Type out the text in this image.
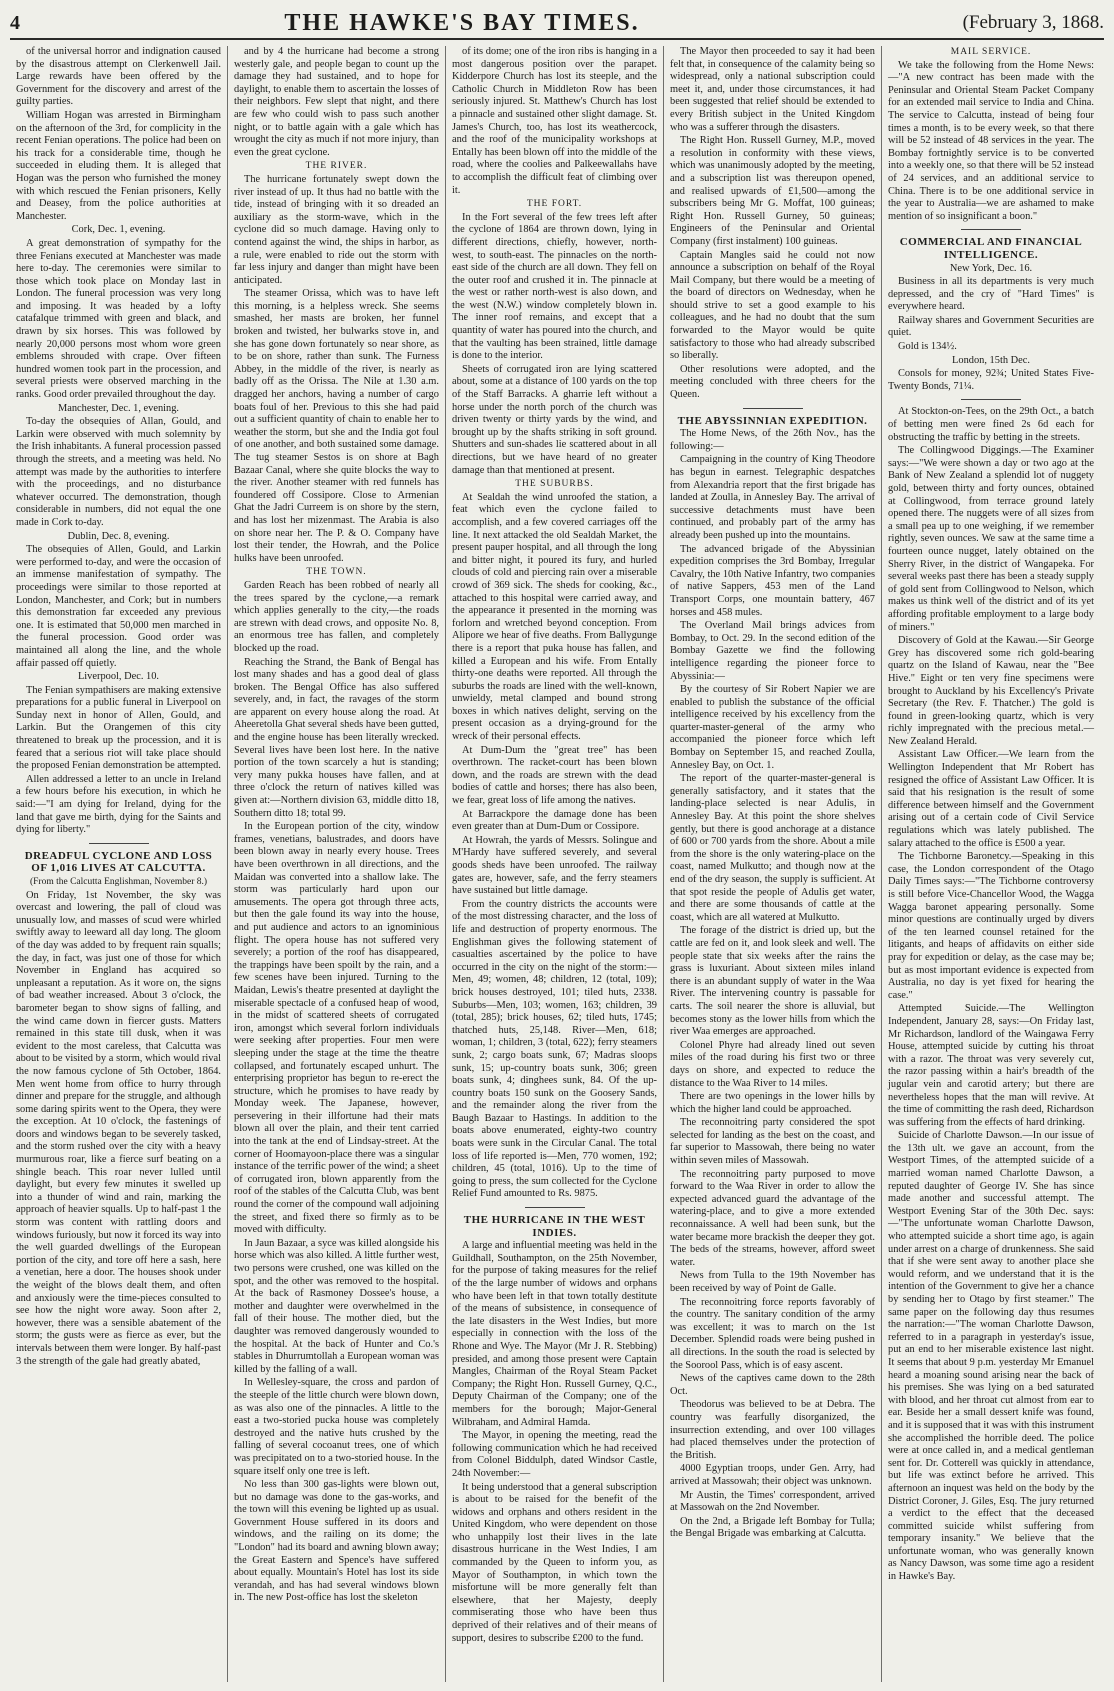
4	THE HAWKE'S BAY TIMES.	(February 3, 1868.

of the universal horror and indignation caused by the disastrous attempt on Clerkenwell Jail. Large rewards have been offered by the Government for the discovery and arrest of the guilty parties.

William Hogan was arrested in Birmingham on the afternoon of the 3rd, for complicity in the recent Fenian operations. The police had been on his track for a considerable time, though he succeeded in eluding them. It is alleged that Hogan was the person who furnished the money with which rescued the Fenian prisoners, Kelly and Deasey, from the police authorities at Manchester.

Cork, Dec. 1, evening.

A great demonstration of sympathy for the three Fenians executed at Manchester was made here to-day. The ceremonies were similar to those which took place on Monday last in London. The funeral procession was very long and imposing. It was headed by a lofty catafalque trimmed with green and black, and drawn by six horses. This was followed by nearly 20,000 persons most whom wore green emblems shrouded with crape. Over fifteen hundred women took part in the procession, and several priests were observed marching in the ranks. Good order prevailed throughout the day.

Manchester, Dec. 1, evening.

To-day the obsequies of Allan, Gould, and Larkin were observed with much solemnity by the Irish inhabitants. A funeral procession passed through the streets, and a meeting was held. No attempt was made by the authorities to interfere with the proceedings, and no disturbance whatever occurred. The demonstration, though considerable in numbers, did not equal the one made in Cork to-day.

Dublin, Dec. 8, evening.

The obsequies of Allen, Gould, and Larkin were performed to-day, and were the occasion of an immense manifestation of sympathy. The proceedings were similar to those reported at London, Manchester, and Cork; but in numbers this demonstration far exceeded any previous one. It is estimated that 50,000 men marched in the funeral procession. Good order was maintained all along the line, and the whole affair passed off quietly.

Liverpool, Dec. 10.

The Fenian sympathisers are making extensive preparations for a public funeral in Liverpool on Sunday next in honor of Allen, Gould, and Larkin. But the Orangemen of this city threatened to break up the procession, and it is feared that a serious riot will take place should the proposed Fenian demonstration be attempted.

Allen addressed a letter to an uncle in Ireland a few hours before his execution, in which he said:—"I am dying for Ireland, dying for the land that gave me birth, dying for the Saints and dying for liberty."

DREADFUL CYCLONE AND LOSS OF 1,016 LIVES AT CALCUTTA.

(From the Calcutta Englishman, November 8.)

On Friday, 1st November, the sky was overcast and lowering, the pall of cloud was unusually low, and masses of scud were whirled swiftly away to leeward all day long. The gloom of the day was added to by frequent rain squalls; the day, in fact, was just one of those for which November in England has acquired so unpleasant a reputation. As it wore on, the signs of bad weather increased. About 3 o'clock, the barometer began to show signs of falling, and the wind came down in fiercer gusts. Matters remained in this state till dusk, when it was evident to the most careless, that Calcutta was about to be visited by a storm, which would rival the now famous cyclone of 5th October, 1864. Men went home from office to hurry through dinner and prepare for the struggle, and although some daring spirits went to the Opera, they were the exception. At 10 o'clock, the fastenings of doors and windows began to be severely tasked, and the storm rushed over the city with a heavy murmurous roar, like a fierce surf beating on a shingle beach. This roar never lulled until daylight, but every few minutes it swelled up into a thunder of wind and rain, marking the approach of heavier squalls. Up to half-past 1 the storm was content with rattling doors and windows furiously, but now it forced its way into the well guarded dwellings of the European portion of the city, and tore off here a sash, here a venetian, here a door. The houses shook under the weight of the blows dealt them, and often and anxiously were the time-pieces consulted to see how the night wore away. Soon after 2, however, there was a sensible abatement of the storm; the gusts were as fierce as ever, but the intervals between them were longer. By half-past 3 the strength of the gale had greatly abated,

and by 4 the hurricane had become a strong westerly gale, and people began to count up the damage they had sustained, and to hope for daylight, to enable them to ascertain the losses of their neighbors. Few slept that night, and there are few who could wish to pass such another night, or to battle again with a gale which has wrought the city as much if not more injury, than even the great cyclone.

THE RIVER.

The hurricane fortunately swept down the river instead of up. It thus had no battle with the tide, instead of bringing with it so dreaded an auxiliary as the storm-wave, which in the cyclone did so much damage. Having only to contend against the wind, the ships in harbor, as a rule, were enabled to ride out the storm with far less injury and danger than might have been anticipated.

The steamer Orissa, which was to have left this morning, is a helpless wreck. She seems smashed, her masts are broken, her funnel broken and twisted, her bulwarks stove in, and she has gone down fortunately so near shore, as to be on shore, rather than sunk. The Furness Abbey, in the middle of the river, is nearly as badly off as the Orissa. The Nile at 1.30 a.m. dragged her anchors, having a number of cargo boats foul of her. Previous to this she had paid out a sufficient quantity of chain to enable her to weather the storm, but she and the India got foul of one another, and both sustained some damage. The tug steamer Sestos is on shore at Bagh Bazaar Canal, where she quite blocks the way to the river. Another steamer with red funnels has foundered off Cossipore. Close to Armenian Ghat the Jadri Curreem is on shore by the stern, and has lost her mizenmast. The Arabia is also on shore near her. The P. & O. Company have lost their tender, the Howrah, and the Police hulks have been unroofed.

THE TOWN.

Garden Reach has been robbed of nearly all the trees spared by the cyclone,—a remark which applies generally to the city,—the roads are strewn with dead crows, and opposite No. 8, an enormous tree has fallen, and completely blocked up the road.

Reaching the Strand, the Bank of Bengal has lost many shades and has a good deal of glass broken. The Bengal Office has also suffered severely, and, in fact, the ravages of the storm are apparent on every house along the road. At Aheeretolla Ghat several sheds have been gutted, and the engine house has been literally wrecked. Several lives have been lost here. In the native portion of the town scarcely a hut is standing; very many pukka houses have fallen, and at three o'clock the return of natives killed was given at:—Northern division 63, middle ditto 18, Southern ditto 18; total 99.

In the European portion of the city, window frames, venetians, balustrades, and doors have been blown away in nearly every house. Trees have been overthrown in all directions, and the Maidan was converted into a shallow lake. The storm was particularly hard upon our amusements. The opera got through three acts, but then the gale found its way into the house, and put audience and actors to an ignominious flight. The opera house has not suffered very severely; a portion of the roof has disappeared, the trappings have been spoilt by the rain, and a few scenes have been injured. Turning to the Maidan, Lewis's theatre presented at daylight the miserable spectacle of a confused heap of wood, in the midst of scattered sheets of corrugated iron, amongst which several forlorn individuals were seeking after properties. Four men were sleeping under the stage at the time the theatre collapsed, and fortunately escaped unhurt. The enterprising proprietor has begun to re-erect the structure, which he promises to have ready by Monday week. The Japanese, however, persevering in their illfortune had their mats blown all over the plain, and their tent carried into the tank at the end of Lindsay-street. At the corner of Hoomayoon-place there was a singular instance of the terrific power of the wind; a sheet of corrugated iron, blown apparently from the roof of the stables of the Calcutta Club, was bent round the corner of the compound wall adjoining the street, and fixed there so firmly as to be moved with difficulty.

In Jaun Bazaar, a syce was killed alongside his horse which was also killed. A little further west, two persons were crushed, one was killed on the spot, and the other was removed to the hospital. At the back of Rasmoney Dossee's house, a mother and daughter were overwhelmed in the fall of their house. The mother died, but the daughter was removed dangerously wounded to the hospital. At the back of Hunter and Co.'s stables in Dhurrumtollah a European woman was killed by the falling of a wall.

In Wellesley-square, the cross and pardon of the steeple of the little church were blown down, as was also one of the pinnacles. A little to the east a two-storied pucka house was completely destroyed and the native huts crushed by the falling of several cocoanut trees, one of which was precipitated on to a two-storied house. In the square itself only one tree is left.

No less than 300 gas-lights were blown out, but no damage was done to the gas-works, and the town will this evening be lighted up as usual. Government House suffered in its doors and windows, and the railing on its dome; the "London" had its board and awning blown away; the Great Eastern and Spence's have suffered about equally. Mountain's Hotel has lost its side verandah, and has had several windows blown in. The new Post-office has lost the skeleton

of its dome; one of the iron ribs is hanging in a most dangerous position over the parapet. Kidderpore Church has lost its steeple, and the Catholic Church in Middleton Row has been seriously injured. St. Matthew's Church has lost a pinnacle and sustained other slight damage. St. James's Church, too, has lost its weathercock, and the roof of the municipality workshops at Entally has been blown off into the middle of the road, where the coolies and Palkeewallahs have to accomplish the difficult feat of climbing over it.

THE FORT.

In the Fort several of the few trees left after the cyclone of 1864 are thrown down, lying in different directions, chiefly, however, north-west, to south-east. The pinnacles on the north-east side of the church are all down. They fell on the outer roof and crushed it in. The pinnacle at the west or rather north-west is also down, and the west (N.W.) window completely blown in. The inner roof remains, and except that a quantity of water has poured into the church, and that the vaulting has been strained, little damage is done to the interior.

Sheets of corrugated iron are lying scattered about, some at a distance of 100 yards on the top of the Staff Barracks. A gharrie left without a horse under the north porch of the church was driven twenty or thirty yards by the wind, and brought up by the shafts striking in soft ground. Shutters and sun-shades lie scattered about in all directions, but we have heard of no greater damage than that mentioned at present.

THE SUBURBS.

At Sealdah the wind unroofed the station, a feat which even the cyclone failed to accomplish, and a few covered carriages off the line. It next attacked the old Sealdah Market, the present pauper hospital, and all through the long and bitter night, it poured its fury, and hurled clouds of cold and piercing rain over a miserable crowd of 369 sick. The sheds for cooking, &c., attached to this hospital were carried away, and the appearance it presented in the morning was forlorn and wretched beyond conception. From Alipore we hear of five deaths. From Ballygunge there is a report that puka house has fallen, and killed a European and his wife. From Entally thirty-one deaths were reported. All through the suburbs the roads are lined with the well-known, unwieldy, metal clamped and bound strong boxes in which natives delight, serving on the present occasion as a drying-ground for the wreck of their personal effects.

At Dum-Dum the "great tree" has been overthrown. The racket-court has been blown down, and the roads are strewn with the dead bodies of cattle and horses; there has also been, we fear, great loss of life among the natives.

At Barrackpore the damage done has been even greater than at Dum-Dum or Cossipore.

At Howrah, the yards of Messrs. Solingue and M'Hardy have suffered severely, and several goods sheds have been unroofed. The railway gates are, however, safe, and the ferry steamers have sustained but little damage.

From the country districts the accounts were of the most distressing character, and the loss of life and destruction of property enormous. The Englishman gives the following statement of casualties ascertained by the police to have occurred in the city on the night of the storm:—Men, 49; women, 48; children, 12 (total, 109); brick houses destroyed, 101; tiled huts, 2338. Suburbs—Men, 103; women, 163; children, 39 (total, 285); brick houses, 62; tiled huts, 1745; thatched huts, 25,148. River—Men, 618; woman, 1; children, 3 (total, 622); ferry steamers sunk, 2; cargo boats sunk, 67; Madras sloops sunk, 15; up-country boats sunk, 306; green boats sunk, 4; dinghees sunk, 84. Of the up-country boats 150 sunk on the Goosery Sands, and the remainder along the river from the Baugh Bazaar to Hastings. In addition to the boats above enumerated, eighty-two country boats were sunk in the Circular Canal. The total loss of life reported is—Men, 770 women, 192; children, 45 (total, 1016). Up to the time of going to press, the sum collected for the Cyclone Relief Fund amounted to Rs. 9875.

THE HURRICANE IN THE WEST INDIES.

A large and influential meeting was held in the Guildhall, Southampton, on the 25th November, for the purpose of taking measures for the relief of the the large number of widows and orphans who have been left in that town totally destitute of the means of subsistence, in consequence of the late disasters in the West Indies, but more especially in connection with the loss of the Rhone and Wye. The Mayor (Mr J. R. Stebbing) presided, and among those present were Captain Mangles, Chairman of the Royal Steam Packet Company; the Right Hon. Russell Gurney, Q.C., Deputy Chairman of the Company; one of the members for the borough; Major-General Wilbraham, and Admiral Hamda.

The Mayor, in opening the meeting, read the following communication which he had received from Colonel Biddulph, dated Windsor Castle, 24th November:—

It being understood that a general subscription is about to be raised for the benefit of the widows and orphans and others resident in the United Kingdom, who were dependent on those who unhappily lost their lives in the late disastrous hurricane in the West Indies, I am commanded by the Queen to inform you, as Mayor of Southampton, in which town the misfortune will be more generally felt than elsewhere, that her Majesty, deeply commiserating those who have been thus deprived of their relatives and of their means of support, desires to subscribe £200 to the fund.

The Mayor then proceeded to say it had been felt that, in consequence of the calamity being so widespread, only a national subscription could meet it, and, under those circumstances, it had been suggested that relief should be extended to every British subject in the United Kingdom who was a sufferer through the disasters.

The Right Hon. Russell Gurney, M.P., moved a resolution in conformity with these views, which was unanimously adopted by the meeting, and a subscription list was thereupon opened, and realised upwards of £1,500—among the subscribers being Mr G. Moffat, 100 guineas; Right Hon. Russell Gurney, 50 guineas; Engineers of the Peninsular and Oriental Company (first instalment) 100 guineas.

Captain Mangles said he could not now announce a subscription on behalf of the Royal Mail Company, but there would be a meeting of the board of directors on Wednesday, when he should strive to set a good example to his colleagues, and he had no doubt that the sum forwarded to the Mayor would be quite satisfactory to those who had already subscribed so liberally.

Other resolutions were adopted, and the meeting concluded with three cheers for the Queen.

THE ABYSSINNIAN EXPEDITION.

The Home News, of the 26th Nov., has the following:—

Campaigning in the country of King Theodore has begun in earnest. Telegraphic despatches from Alexandria report that the first brigade has landed at Zoulla, in Annesley Bay. The arrival of successive detachments must have been continued, and probably part of the army has already been pushed up into the mountains.

The advanced brigade of the Abyssinian expedition comprises the 3rd Bombay, Irregular Cavalry, the 10th Native Infantry, two companies of native Sappers, 453 men of the Land Transport Corps, one mountain battery, 467 horses and 458 mules.

The Overland Mail brings advices from Bombay, to Oct. 29. In the second edition of the Bombay Gazette we find the following intelligence regarding the pioneer force to Abyssinia:—

By the courtesy of Sir Robert Napier we are enabled to publish the substance of the official intelligence received by his excellency from the quarter-master-general of the army who accompanied the pioneer force which left Bombay on September 15, and reached Zoulla, Annesley Bay, on Oct. 1.

The report of the quarter-master-general is generally satisfactory, and it states that the landing-place selected is near Adulis, in Annesley Bay. At this point the shore shelves gently, but there is good anchorage at a distance of 600 or 700 yards from the shore. About a mile from the shore is the only watering-place on the coast, named Mulkutto; and though now at the end of the dry season, the supply is sufficient. At that spot reside the people of Adulis get water, and there are some thousands of cattle at the coast, which are all watered at Mulkutto.

The forage of the district is dried up, but the cattle are fed on it, and look sleek and well. The people state that six weeks after the rains the grass is luxuriant. About sixteen miles inland there is an abundant supply of water in the Waa River. The intervening country is passable for carts. The soil nearer the shore is alluvial, but becomes stony as the lower hills from which the river Waa emerges are approached.

Colonel Phyre had already lined out seven miles of the road during his first two or three days on shore, and expected to reduce the distance to the Waa River to 14 miles.

There are two openings in the lower hills by which the higher land could be approached.

The reconnoitring party considered the spot selected for landing as the best on the coast, and far superior to Massowah, there being no water within seven miles of Massowah.

The reconnoitring party purposed to move forward to the Waa River in order to allow the expected advanced guard the advantage of the watering-place, and to give a more extended reconnaissance. A well had been sunk, but the water became more brackish the deeper they got. The beds of the streams, however, afford sweet water.

News from Tulla to the 19th November has been received by way of Point de Galle.

The reconnoitring force reports favorably of the country. The sanitary condition of the army was excellent; it was to march on the 1st December. Splendid roads were being pushed in all directions. In the south the road is selected by the Soorool Pass, which is of easy ascent.

News of the captives came down to the 28th Oct.

Theodorus was believed to be at Debra. The country was fearfully disorganized, the insurrection extending, and over 100 villages had placed themselves under the protection of the British.

4000 Egyptian troops, under Gen. Arry, had arrived at Massowah; their object was unknown.

Mr Austin, the Times' correspondent, arrived at Massowah on the 2nd November.

On the 2nd, a Brigade left Bombay for Tulla; the Bengal Brigade was embarking at Calcutta.

MAIL SERVICE.

We take the following from the Home News:—"A new contract has been made with the Peninsular and Oriental Steam Packet Company for an extended mail service to India and China. The service to Calcutta, instead of being four times a month, is to be every week, so that there will be 52 instead of 48 services in the year. The Bombay fortnightly service is to be converted into a weekly one, so that there will be 52 instead of 24 services, and an additional service to China. There is to be one additional service in the year to Australia—we are ashamed to make mention of so insignificant a boon."

COMMERCIAL AND FINANCIAL INTELLIGENCE.

New York, Dec. 16.

Business in all its departments is very much depressed, and the cry of "Hard Times" is everywhere heard.

Railway shares and Government Securities are quiet.

Gold is 134½.

London, 15th Dec.

Consols for money, 92¾; United States Five-Twenty Bonds, 71¼.

At Stockton-on-Tees, on the 29th Oct., a batch of betting men were fined 2s 6d each for obstructing the traffic by betting in the streets.

The Collingwood Diggings.—The Examiner says:—"We were shown a day or two ago at the Bank of New Zealand a splendid lot of nuggety gold, between thirty and forty ounces, obtained at Collingwood, from terrace ground lately opened there. The nuggets were of all sizes from a small pea up to one weighing, if we remember rightly, seven ounces. We saw at the same time a fourteen ounce nugget, lately obtained on the Sherry River, in the district of Wangapeka. For several weeks past there has been a steady supply of gold sent from Collingwood to Nelson, which makes us think well of the district and of its yet affording profitable employment to a large body of miners."

Discovery of Gold at the Kawau.—Sir George Grey has discovered some rich gold-bearing quartz on the Island of Kawau, near the "Bee Hive." Eight or ten very fine specimens were brought to Auckland by his Excellency's Private Secretary (the Rev. F. Thatcher.) The gold is found in green-looking quartz, which is very richly impregnated with the precious metal.—New Zealand Herald.

Assistant Law Officer.—We learn from the Wellington Independent that Mr Robert has resigned the office of Assistant Law Officer. It is said that his resignation is the result of some difference between himself and the Government arising out of a certain code of Civil Service regulations which was lately published. The salary attached to the office is £500 a year.

The Tichborne Baronetcy.—Speaking in this case, the London correspondent of the Otago Daily Times says:—"The Tichborne controversy is still before Vice-Chancellor Wood, the Wagga Wagga baronet appearing personally. Some minor questions are continually urged by divers of the ten learned counsel retained for the litigants, and heaps of affidavits on either side pray for expedition or delay, as the case may be; but as most important evidence is expected from Australia, no day is yet fixed for hearing the case."

Attempted Suicide.—The Wellington Independent, January 28, says:—On Friday last, Mr Richardson, landlord of the Waingawa Ferry House, attempted suicide by cutting his throat with a razor. The throat was very severely cut, the razor passing within a hair's breadth of the jugular vein and carotid artery; but there are nevertheless hopes that the man will revive. At the time of committing the rash deed, Richardson was suffering from the effects of hard drinking.

Suicide of Charlotte Dawson.—In our issue of the 13th ult. we gave an account, from the Westport Times, of the attempted suicide of a married woman named Charlotte Dawson, a reputed daughter of George IV. She has since made another and successful attempt. The Westport Evening Star of the 30th Dec. says:—"The unfortunate woman Charlotte Dawson, who attempted suicide a short time ago, is again under arrest on a charge of drunkenness. She said that if she were sent away to another place she would reform, and we understand that it is the intention of the Government to give her a chance by sending her to Otago by first steamer." The same paper on the following day thus resumes the narration:—"The woman Charlotte Dawson, referred to in a paragraph in yesterday's issue, put an end to her miserable existence last night. It seems that about 9 p.m. yesterday Mr Emanuel heard a moaning sound arising near the back of his premises. She was lying on a bed saturated with blood, and her throat cut almost from ear to ear. Beside her a small dessert knife was found, and it is supposed that it was with this instrument she accomplished the horrible deed. The police were at once called in, and a medical gentleman sent for. Dr. Cotterell was quickly in attendance, but life was extinct before he arrived. This afternoon an inquest was held on the body by the District Coroner, J. Giles, Esq. The jury returned a verdict to the effect that the deceased committed suicide whilst suffering from temporary insanity." We believe that the unfortunate woman, who was generally known as Nancy Dawson, was some time ago a resident in Hawke's Bay.
